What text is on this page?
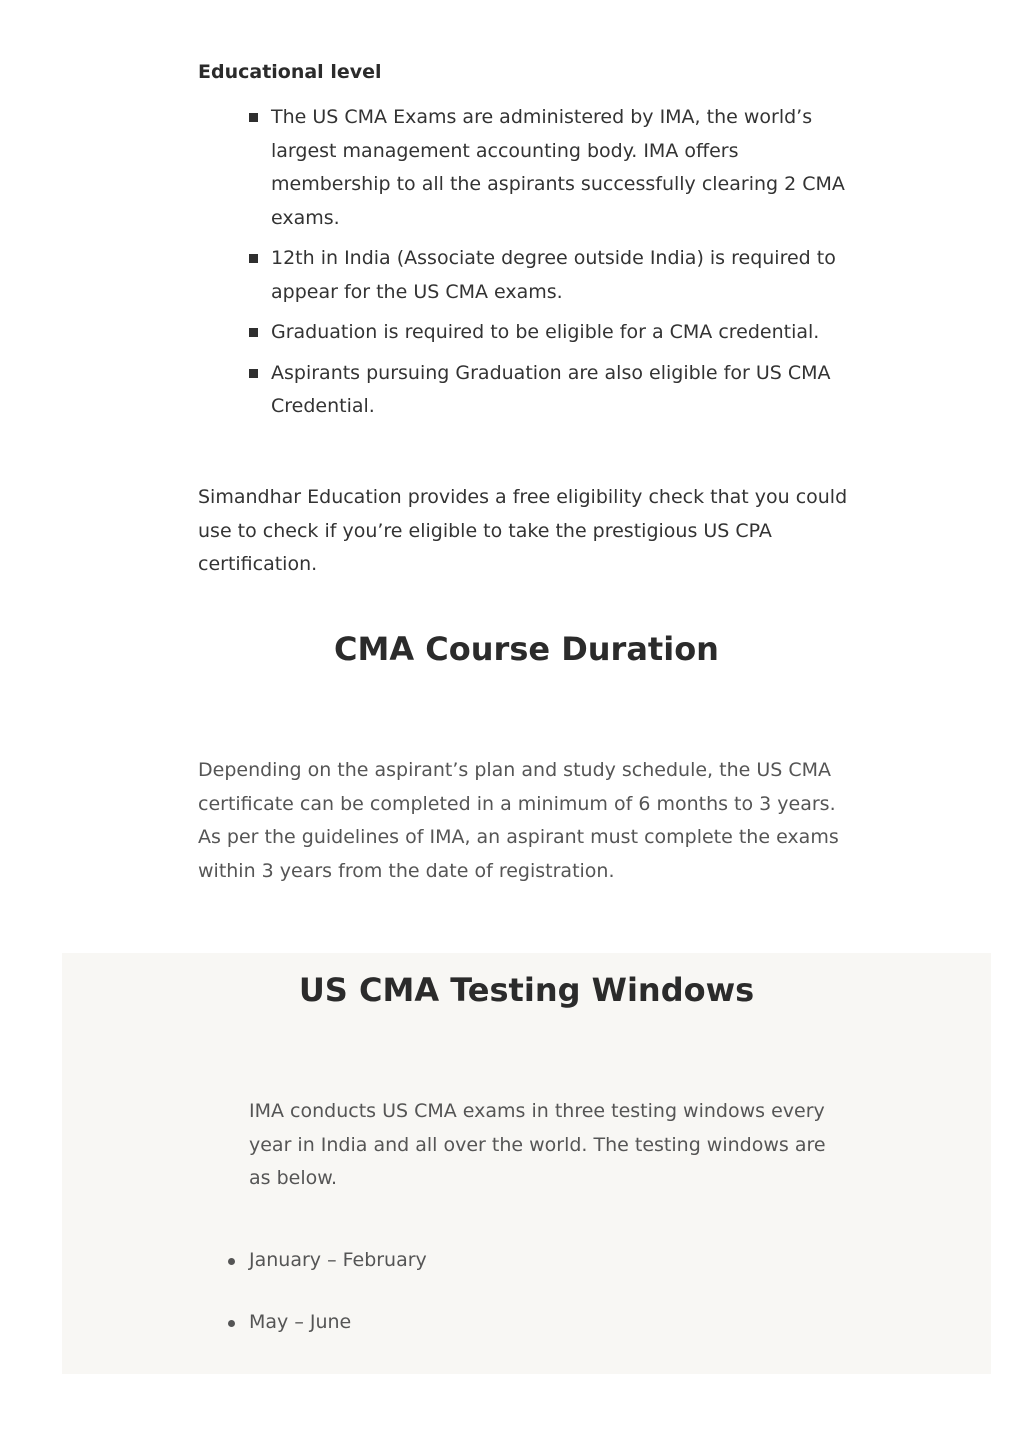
Educational level
The US CMA Exams are administered by IMA, the world’s largest management accounting body. IMA offers membership to all the aspirants successfully clearing 2 CMA exams.
12th in India (Associate degree outside India) is required to appear for the US CMA exams.
Graduation is required to be eligible for a CMA credential.
Aspirants pursuing Graduation are also eligible for US CMA Credential.

Simandhar Education provides a free eligibility check that you could use to check if you’re eligible to take the prestigious US CPA certification.

CMA Course Duration

Depending on the aspirant’s plan and study schedule, the US CMA certificate can be completed in a minimum of 6 months to 3 years. As per the guidelines of IMA, an aspirant must complete the exams within 3 years from the date of registration.

US CMA Testing Windows

IMA conducts US CMA exams in three testing windows every year in India and all over the world. The testing windows are as below.

January – February
May – June
